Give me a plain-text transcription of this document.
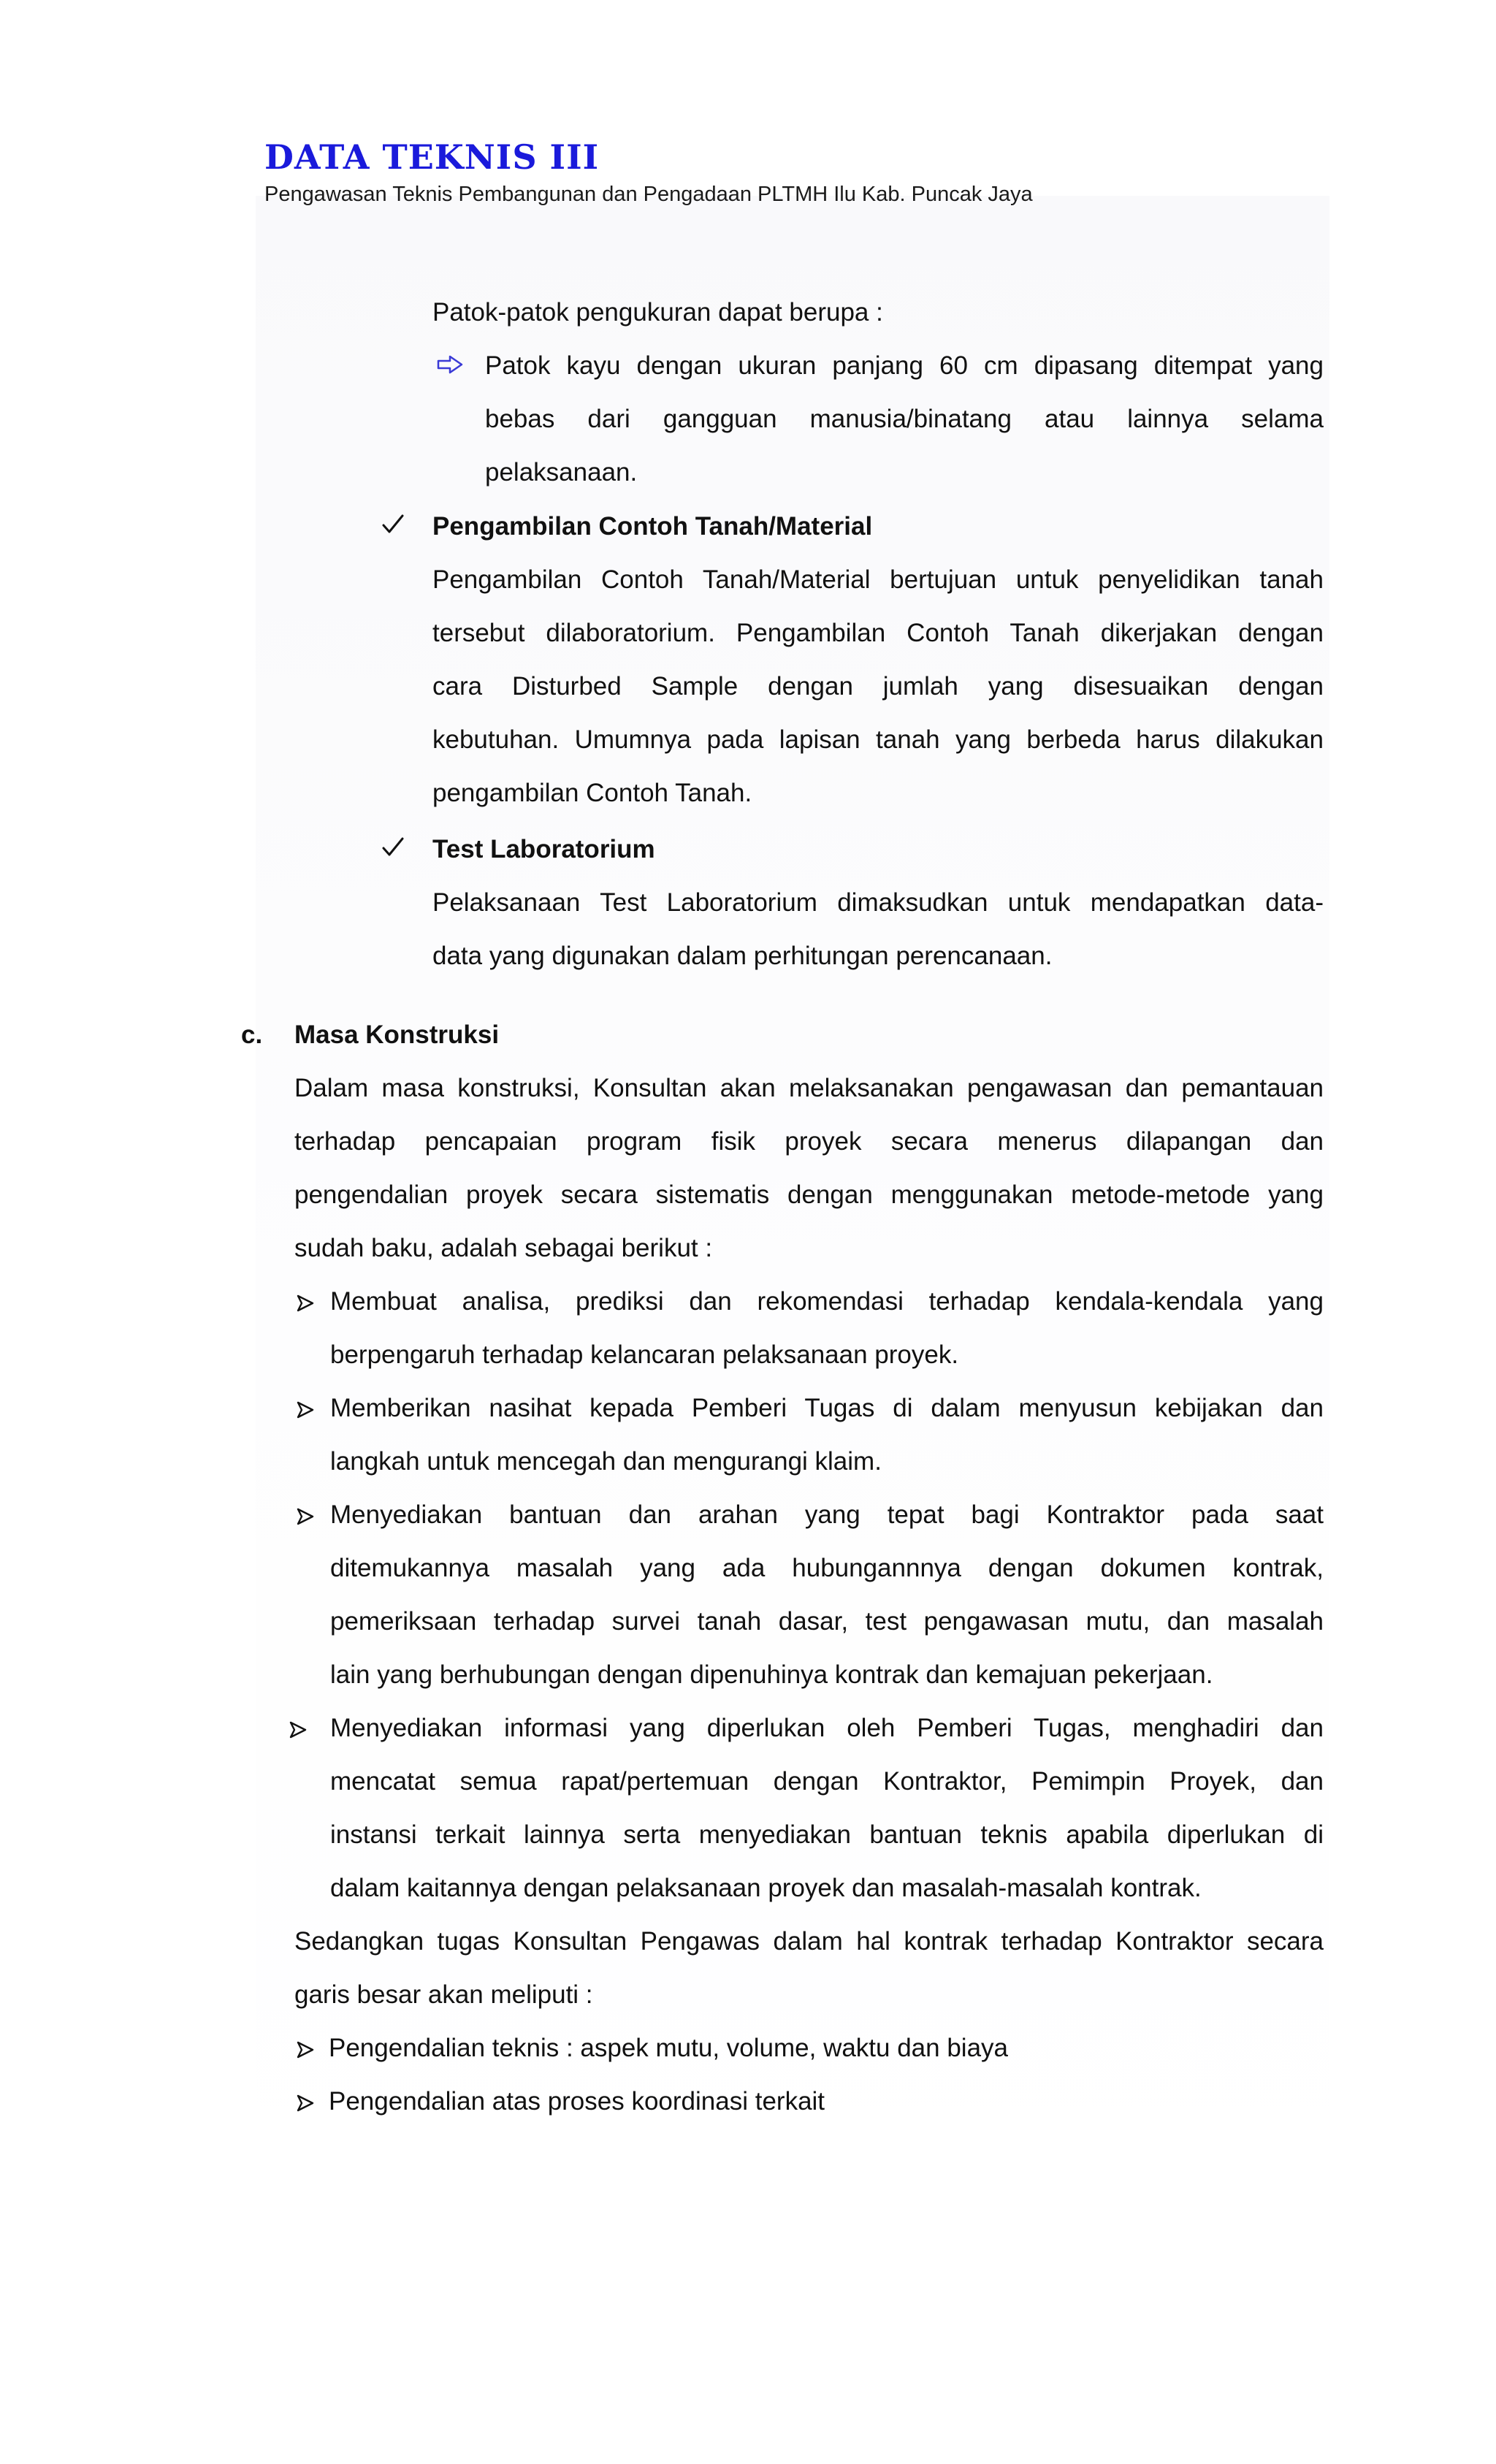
DATA TEKNIS III
Pengawasan Teknis Pembangunan dan Pengadaan PLTMH Ilu Kab. Puncak Jaya
Patok-patok pengukuran dapat berupa :
Patok kayu dengan ukuran panjang 60 cm dipasang ditempat yang
bebas dari gangguan manusia/binatang atau lainnya selama
pelaksanaan.
Pengambilan Contoh Tanah/Material
Pengambilan Contoh Tanah/Material bertujuan untuk penyelidikan tanah
tersebut dilaboratorium. Pengambilan Contoh Tanah dikerjakan dengan
cara Disturbed Sample dengan jumlah yang disesuaikan dengan
kebutuhan. Umumnya pada lapisan tanah yang berbeda harus dilakukan
pengambilan Contoh Tanah.
Test Laboratorium
Pelaksanaan Test Laboratorium dimaksudkan untuk mendapatkan data-
data yang digunakan dalam perhitungan perencanaan.
c. Masa Konstruksi
Dalam masa konstruksi, Konsultan akan melaksanakan pengawasan dan pemantauan
terhadap pencapaian program fisik proyek secara menerus dilapangan dan
pengendalian proyek secara sistematis dengan menggunakan metode-metode yang
sudah baku, adalah sebagai berikut :
Membuat analisa, prediksi dan rekomendasi terhadap kendala-kendala yang
berpengaruh terhadap kelancaran pelaksanaan proyek.
Memberikan nasihat kepada Pemberi Tugas di dalam menyusun kebijakan dan
langkah untuk mencegah dan mengurangi klaim.
Menyediakan bantuan dan arahan yang tepat bagi Kontraktor pada saat
ditemukannya masalah yang ada hubungannnya dengan dokumen kontrak,
pemeriksaan terhadap survei tanah dasar, test pengawasan mutu, dan masalah
lain yang berhubungan dengan dipenuhinya kontrak dan kemajuan pekerjaan.
Menyediakan informasi yang diperlukan oleh Pemberi Tugas, menghadiri dan
mencatat semua rapat/pertemuan dengan Kontraktor, Pemimpin Proyek, dan
instansi terkait lainnya serta menyediakan bantuan teknis apabila diperlukan di
dalam kaitannya dengan pelaksanaan proyek dan masalah-masalah kontrak.
Sedangkan tugas Konsultan Pengawas dalam hal kontrak terhadap Kontraktor secara
garis besar akan meliputi :
Pengendalian teknis : aspek mutu, volume, waktu dan biaya
Pengendalian atas proses koordinasi terkait
